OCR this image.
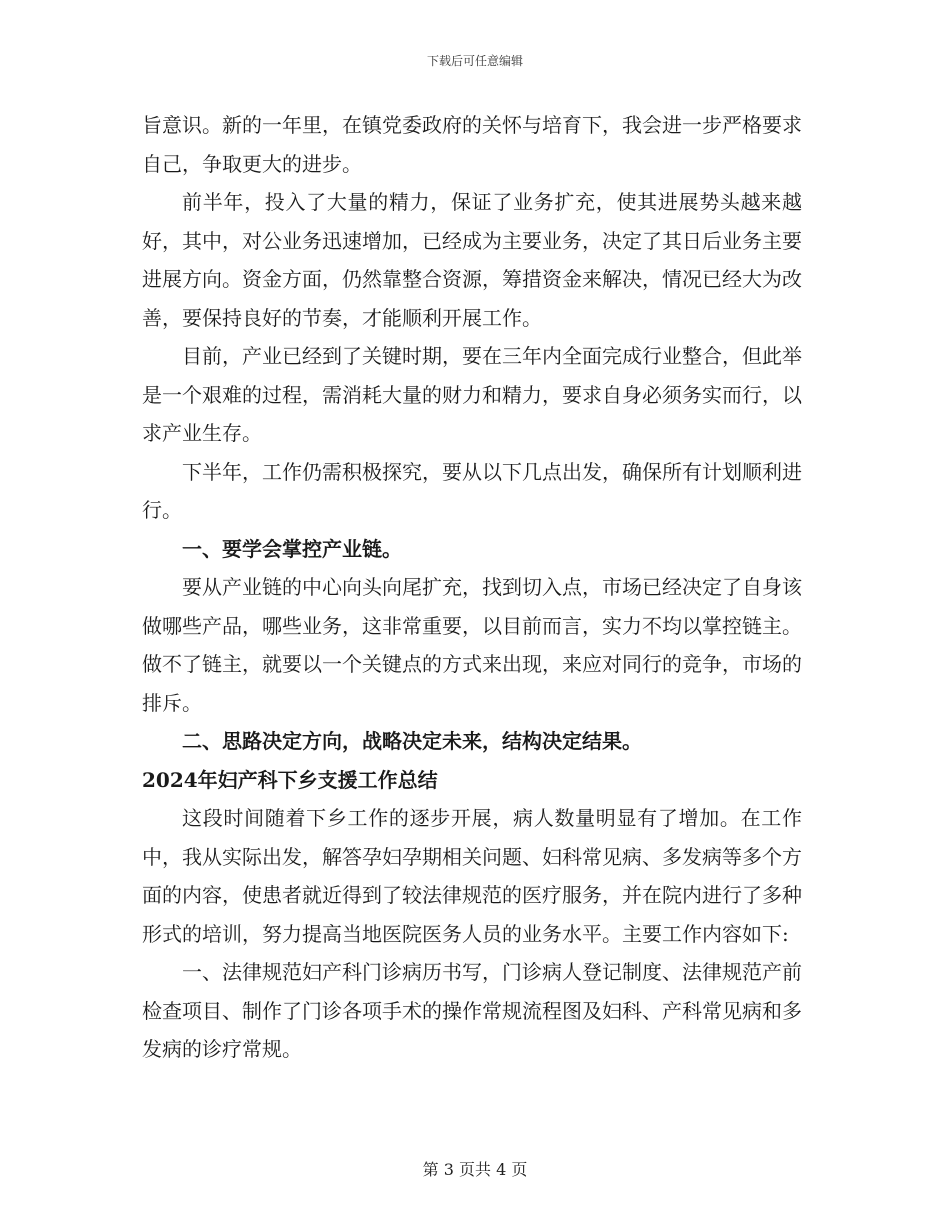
下载后可任意编辑

旨意识。新的一年里，在镇党委政府的关怀与培育下，我会进一步严格要求自己，争取更大的进步。

前半年，投入了大量的精力，保证了业务扩充，使其进展势头越来越好，其中，对公业务迅速增加，已经成为主要业务，决定了其日后业务主要进展方向。资金方面，仍然靠整合资源，筹措资金来解决，情况已经大为改善，要保持良好的节奏，才能顺利开展工作。

目前，产业已经到了关键时期，要在三年内全面完成行业整合，但此举是一个艰难的过程，需消耗大量的财力和精力，要求自身必须务实而行，以求产业生存。

下半年，工作仍需积极探究，要从以下几点出发，确保所有计划顺利进行。

一、要学会掌控产业链。

要从产业链的中心向头向尾扩充，找到切入点，市场已经决定了自身该做哪些产品，哪些业务，这非常重要，以目前而言，实力不均以掌控链主。做不了链主，就要以一个关键点的方式来出现，来应对同行的竞争，市场的排斥。

二、思路决定方向，战略决定未来，结构决定结果。

2024年妇产科下乡支援工作总结

这段时间随着下乡工作的逐步开展，病人数量明显有了增加。在工作中，我从实际出发，解答孕妇孕期相关问题、妇科常见病、多发病等多个方面的内容，使患者就近得到了较法律规范的医疗服务，并在院内进行了多种形式的培训，努力提高当地医院医务人员的业务水平。主要工作内容如下:

一、法律规范妇产科门诊病历书写，门诊病人登记制度、法律规范产前检查项目、制作了门诊各项手术的操作常规流程图及妇科、产科常见病和多发病的诊疗常规。

第 3 页共 4 页
